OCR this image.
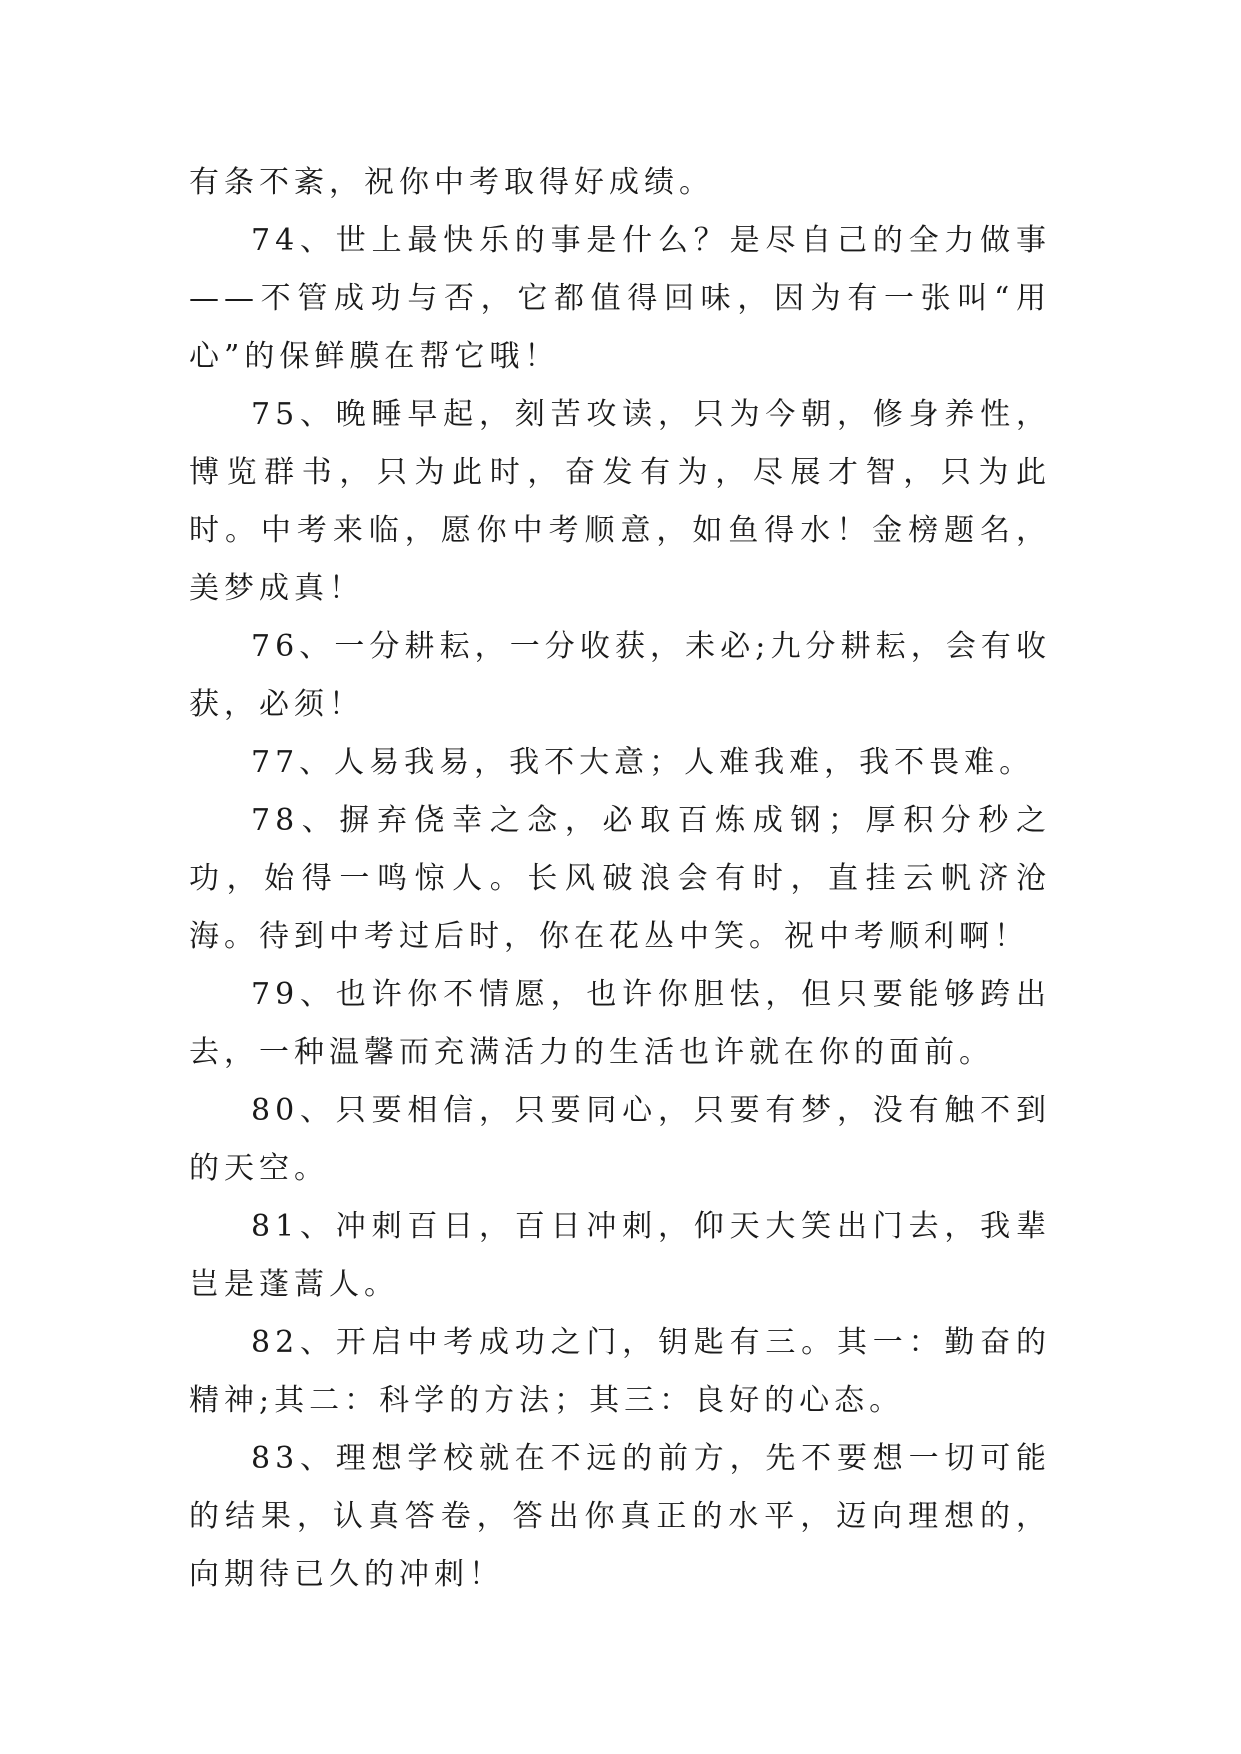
有条不紊，祝你中考取得好成绩。

74、世上最快乐的事是什么？是尽自己的全力做事——不管成功与否，它都值得回味，因为有一张叫“用心”的保鲜膜在帮它哦！

75、晚睡早起，刻苦攻读，只为今朝，修身养性，博览群书，只为此时，奋发有为，尽展才智，只为此时。中考来临，愿你中考顺意，如鱼得水！金榜题名，美梦成真！

76、一分耕耘，一分收获，未必;九分耕耘，会有收获，必须！

77、人易我易，我不大意；人难我难，我不畏难。

78、摒弃侥幸之念，必取百炼成钢；厚积分秒之功，始得一鸣惊人。长风破浪会有时，直挂云帆济沧海。待到中考过后时，你在花丛中笑。祝中考顺利啊！

79、也许你不情愿，也许你胆怯，但只要能够跨出去，一种温馨而充满活力的生活也许就在你的面前。

80、只要相信，只要同心，只要有梦，没有触不到的天空。

81、冲刺百日，百日冲刺，仰天大笑出门去，我辈岂是蓬蒿人。

82、开启中考成功之门，钥匙有三。其一：勤奋的精神;其二：科学的方法；其三：良好的心态。

83、理想学校就在不远的前方，先不要想一切可能的结果，认真答卷，答出你真正的水平，迈向理想的，向期待已久的冲刺！
